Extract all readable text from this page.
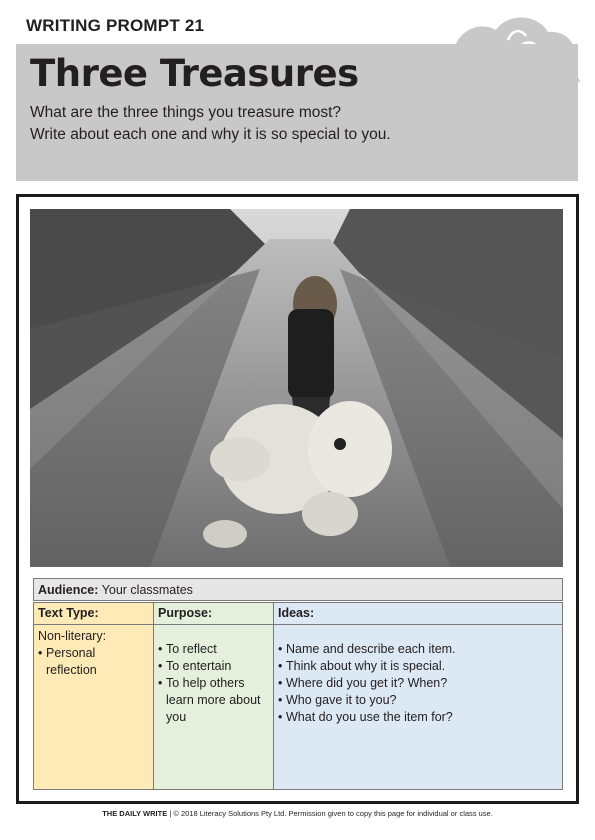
WRITING PROMPT 21
Three Treasures
What are the three things you treasure most?
Write about each one and why it is so special to you.
Audience: Your classmates
Text Type:
Non-literary:
• Personal reflection
Purpose:
• To reflect
• To entertain
• To help others learn more about you
Ideas:
• Name and describe each item.
• Think about why it is special.
• Where did you get it? When?
• Who gave it to you?
• What do you use the item for?
THE DAILY WRITE | © 2018 Literacy Solutions Pty Ltd. Permission given to copy this page for individual or class use.
